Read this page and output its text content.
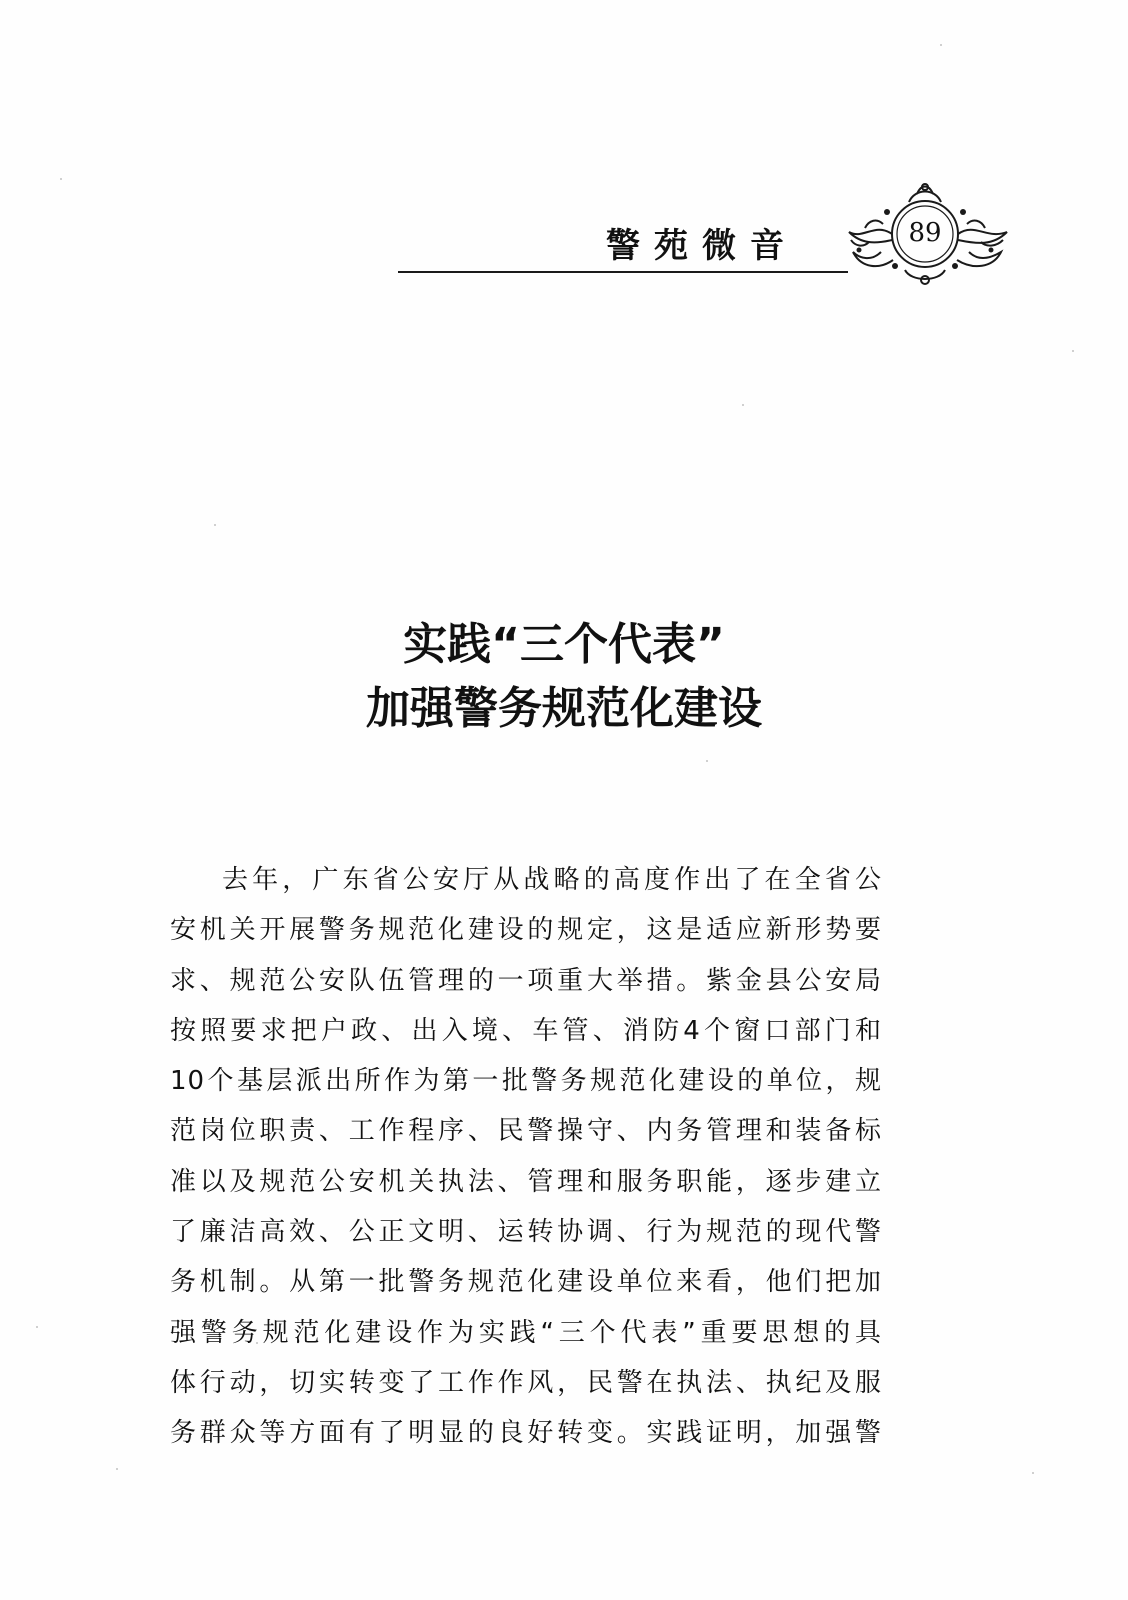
警苑微音	89
实践“三个代表”
加强警务规范化建设
去年，广东省公安厅从战略的高度作出了在全省公
安机关开展警务规范化建设的规定，这是适应新形势要
求、规范公安队伍管理的一项重大举措。紫金县公安局
按照要求把户政、出入境、车管、消防4个窗口部门和
10个基层派出所作为第一批警务规范化建设的单位，规
范岗位职责、工作程序、民警操守、内务管理和装备标
准以及规范公安机关执法、管理和服务职能，逐步建立
了廉洁高效、公正文明、运转协调、行为规范的现代警
务机制。从第一批警务规范化建设单位来看，他们把加
强警务规范化建设作为实践“三个代表”重要思想的具
体行动，切实转变了工作作风，民警在执法、执纪及服
务群众等方面有了明显的良好转变。实践证明，加强警
